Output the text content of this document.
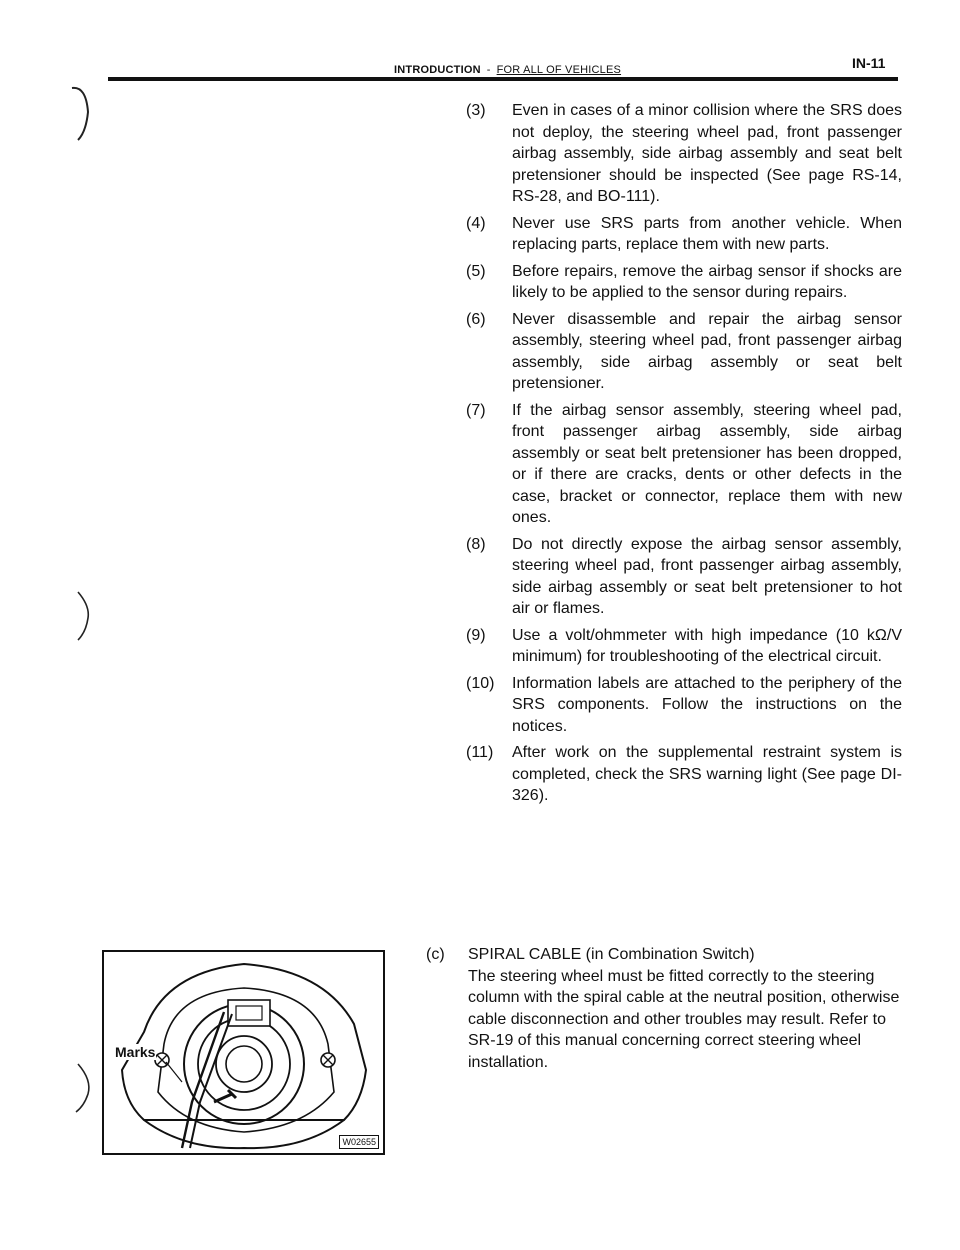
INTRODUCTION - FOR ALL OF VEHICLES	IN-11
(3)	Even in cases of a minor collision where the SRS does not deploy, the steering wheel pad, front passenger airbag assembly, side airbag assembly and seat belt pretensioner should be inspected (See page RS-14, RS-28, and BO-111).
(4)	Never use SRS parts from another vehicle. When replacing parts, replace them with new parts.
(5)	Before repairs, remove the airbag sensor if shocks are likely to be applied to the sensor during repairs.
(6)	Never disassemble and repair the airbag sensor assembly, steering wheel pad, front passenger airbag assembly, side airbag assembly or seat belt pretensioner.
(7)	If the airbag sensor assembly, steering wheel pad, front passenger airbag assembly, side airbag assembly or seat belt pretensioner has been dropped, or if there are cracks, dents or other defects in the case, bracket or connector, replace them with new ones.
(8)	Do not directly expose the airbag sensor assembly, steering wheel pad, front passenger airbag assembly, side airbag assembly or seat belt pretensioner to hot air or flames.
(9)	Use a volt/ohmmeter with high impedance (10 kΩ/V minimum) for troubleshooting of the electrical circuit.
(10)	Information labels are attached to the periphery of the SRS components. Follow the instructions on the notices.
(11)	After work on the supplemental restraint system is completed, check the SRS warning light (See page DI-326).
Marks
W02655
(c)	SPIRAL CABLE (in Combination Switch)
The steering wheel must be fitted correctly to the steering column with the spiral cable at the neutral position, otherwise cable disconnection and other troubles may result. Refer to SR-19 of this manual concerning correct steering wheel installation.
